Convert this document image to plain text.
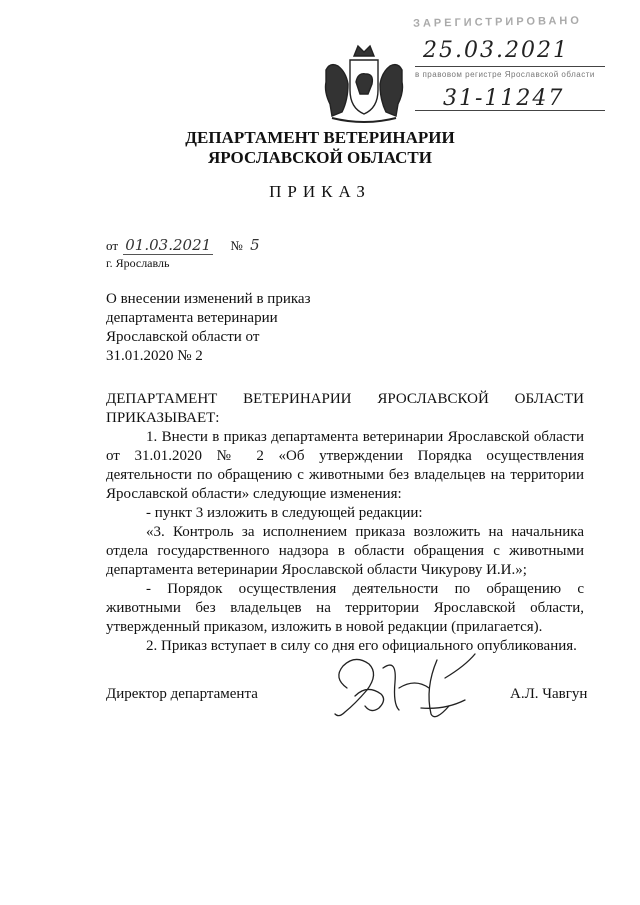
ЗАРЕГИСТРИРОВАНО
25.03.2021
в правовом регистре Ярославской области
31-11247
ДЕПАРТАМЕНТ ВЕТЕРИНАРИИ
ЯРОСЛАВСКОЙ ОБЛАСТИ
ПРИКАЗ
от 01.03.2021 № 5
г. Ярославль
О внесении изменений в приказ
департамента ветеринарии
Ярославской области от
31.01.2020 № 2
ДЕПАРТАМЕНТ ВЕТЕРИНАРИИ ЯРОСЛАВСКОЙ ОБЛАСТИ

ПРИКАЗЫВАЕТ:

1. Внести в приказ департамента ветеринарии Ярославской области от 31.01.2020 № 2 «Об утверждении Порядка осуществления деятельности по обращению с животными без владельцев на территории Ярославской области» следующие изменения:

- пункт 3 изложить в следующей редакции:

«3. Контроль за исполнением приказа возложить на начальника отдела государственного надзора в области обращения с животными департамента ветеринарии Ярославской области Чикурову И.И.»;

- Порядок осуществления деятельности по обращению с животными без владельцев на территории Ярославской области, утвержденный приказом, изложить в новой редакции (прилагается).

2. Приказ вступает в силу со дня его официального опубликования.

Директор департамента	А.Л. Чавгун
